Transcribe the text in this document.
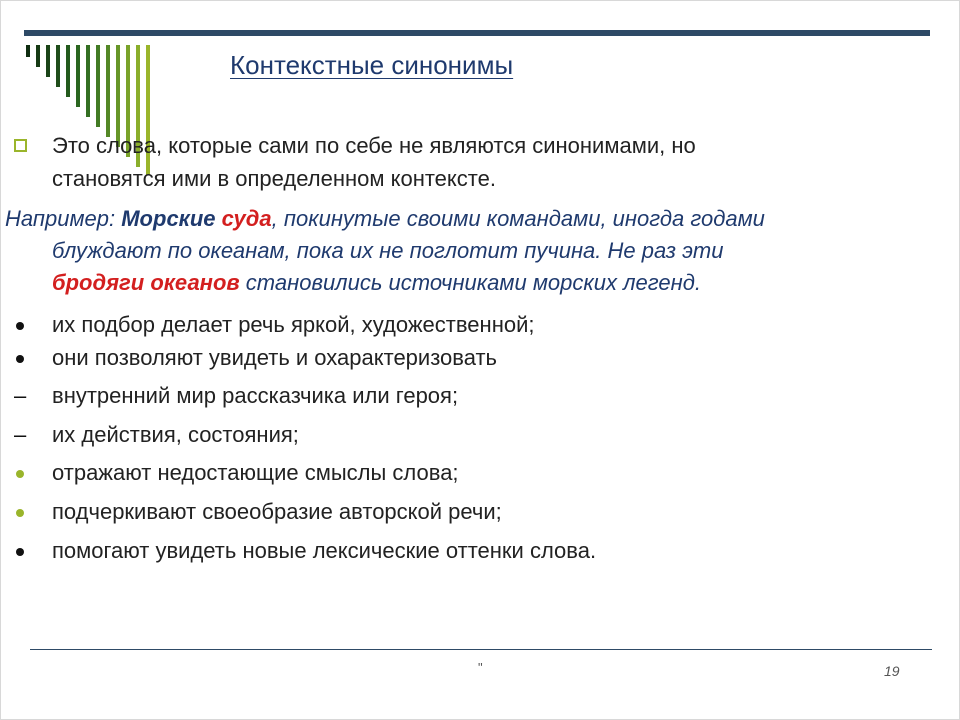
Контекстные синонимы
Это слова, которые сами по себе не являются синонимами, но
становятся ими в определенном контексте.
Например: Морские суда, покинутые своими командами, иногда годами
блуждают по океанам, пока их не поглотит пучина. Не раз эти
бродяги океанов становились источниками морских легенд.
их подбор делает речь яркой, художественной;
они позволяют увидеть и охарактеризовать
– внутренний мир рассказчика или героя;
– их действия, состояния;
отражают недостающие смыслы слова;
подчеркивают своеобразие авторской речи;
помогают увидеть новые лексические оттенки слова.
"	19
